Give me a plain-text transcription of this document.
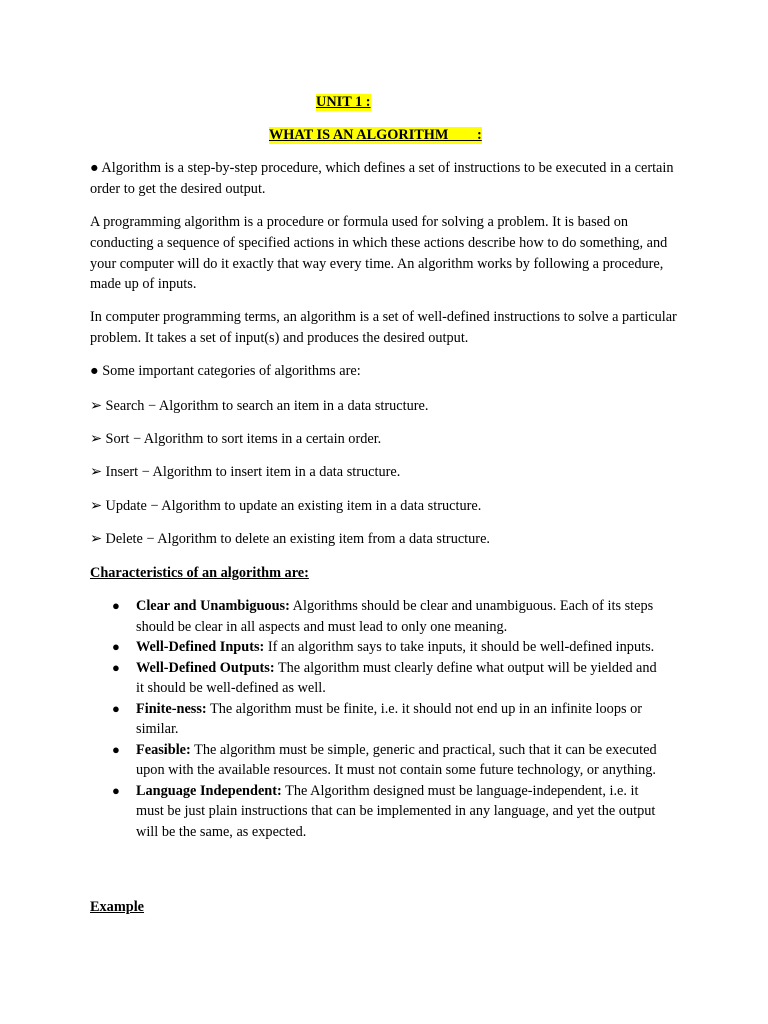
UNIT 1 :
WHAT IS AN ALGORITHM        :

● Algorithm is a step-by-step procedure, which defines a set of instructions to be executed in a certain order to get the desired output.

A programming algorithm is a procedure or formula used for solving a problem. It is based on conducting a sequence of specified actions in which these actions describe how to do something, and your computer will do it exactly that way every time. An algorithm works by following a procedure, made up of inputs.

In computer programming terms, an algorithm is a set of well-defined instructions to solve a particular problem. It takes a set of input(s) and produces the desired output.

● Some important categories of algorithms are:

➢ Search − Algorithm to search an item in a data structure.
➢ Sort − Algorithm to sort items in a certain order.
➢ Insert − Algorithm to insert item in a data structure.
➢ Update − Algorithm to update an existing item in a data structure.
➢ Delete − Algorithm to delete an existing item from a data structure.
Characteristics of an algorithm are:
● Clear and Unambiguous: Algorithms should be clear and unambiguous. Each of its steps should be clear in all aspects and must lead to only one meaning.
● Well-Defined Inputs: If an algorithm says to take inputs, it should be well-defined inputs.
● Well-Defined Outputs: The algorithm must clearly define what output will be yielded and it should be well-defined as well.
● Finite-ness: The algorithm must be finite, i.e. it should not end up in an infinite loops or similar.
● Feasible: The algorithm must be simple, generic and practical, such that it can be executed upon with the available resources. It must not contain some future technology, or anything.
● Language Independent: The Algorithm designed must be language-independent, i.e. it must be just plain instructions that can be implemented in any language, and yet the output will be the same, as expected.
Example
